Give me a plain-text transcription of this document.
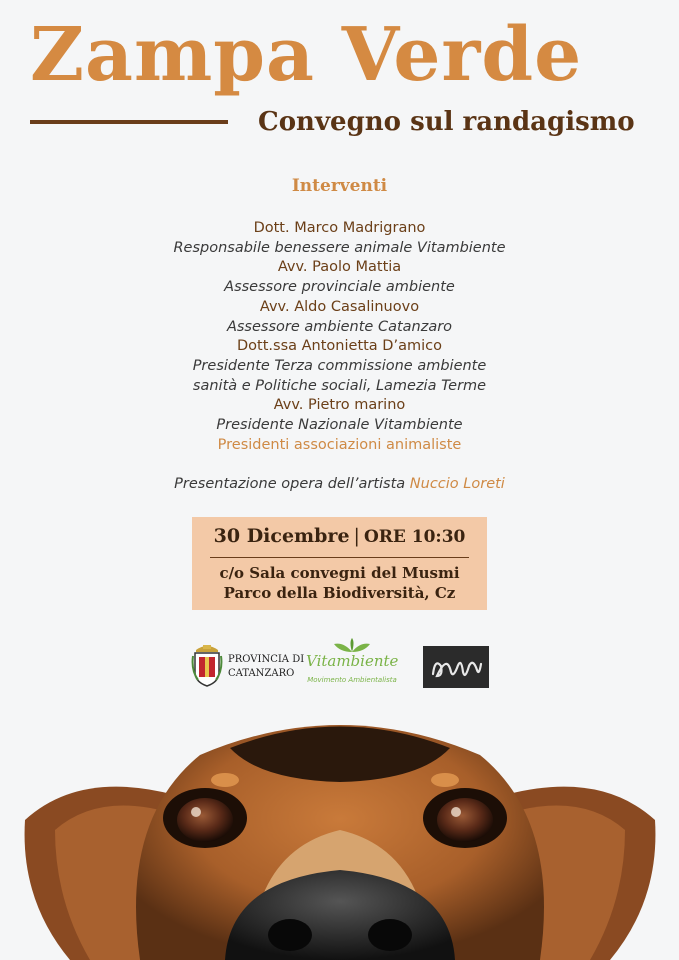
Zampa Verde
Convegno sul randagismo
Interventi
Dott. Marco Madrigrano
Responsabile benessere animale Vitambiente
Avv. Paolo Mattia
Assessore provinciale ambiente
Avv. Aldo Casalinuovo
Assessore ambiente Catanzaro
Dott.ssa Antonietta D’amico
Presidente Terza commissione ambiente
sanità e Politiche sociali, Lamezia Terme
Avv. Pietro marino
Presidente Nazionale Vitambiente
Presidenti associazioni animaliste
Presentazione opera dell’artista Nuccio Loreti
30 Dicembre | ORE 10:30
c/o Sala convegni del Musmi
Parco della Biodiversità, Cz
PROVINCIA DI
CATANZARO
Vitambiente
Movimento Ambientalista
